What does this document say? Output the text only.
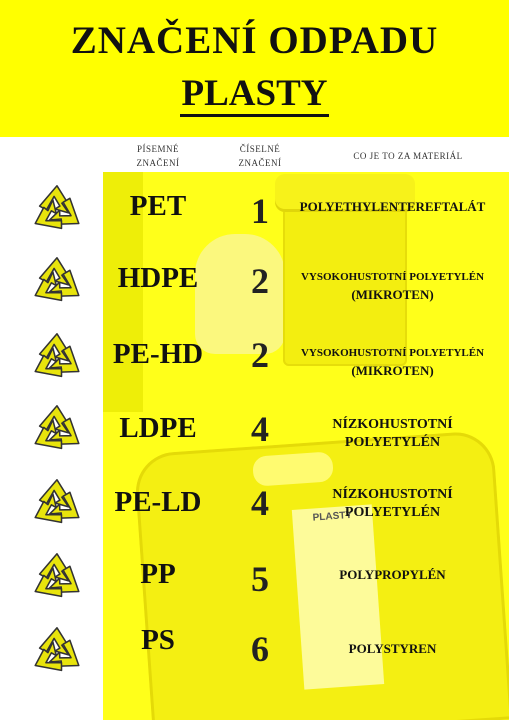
ZNAČENÍ ODPADU
PLASTY
PLASTY
PÍSEMNÉ
ZNAČENÍ
ČÍSELNÉ
ZNAČENÍ
CO JE TO ZA MATERIÁL
PET	1	POLYETHYLENTEREFTALÁT
HDPE	2	VYSOKOHUSTOTNÍ POLYETYLÉN
(MIKROTEN)
PE-HD	2	VYSOKOHUSTOTNÍ POLYETYLÉN
(MIKROTEN)
LDPE	4	NÍZKOHUSTOTNÍ
POLYETYLÉN
PE-LD	4	NÍZKOHUSTOTNÍ
POLYETYLÉN
PP	5	POLYPROPYLÉN
PS	6	POLYSTYREN
